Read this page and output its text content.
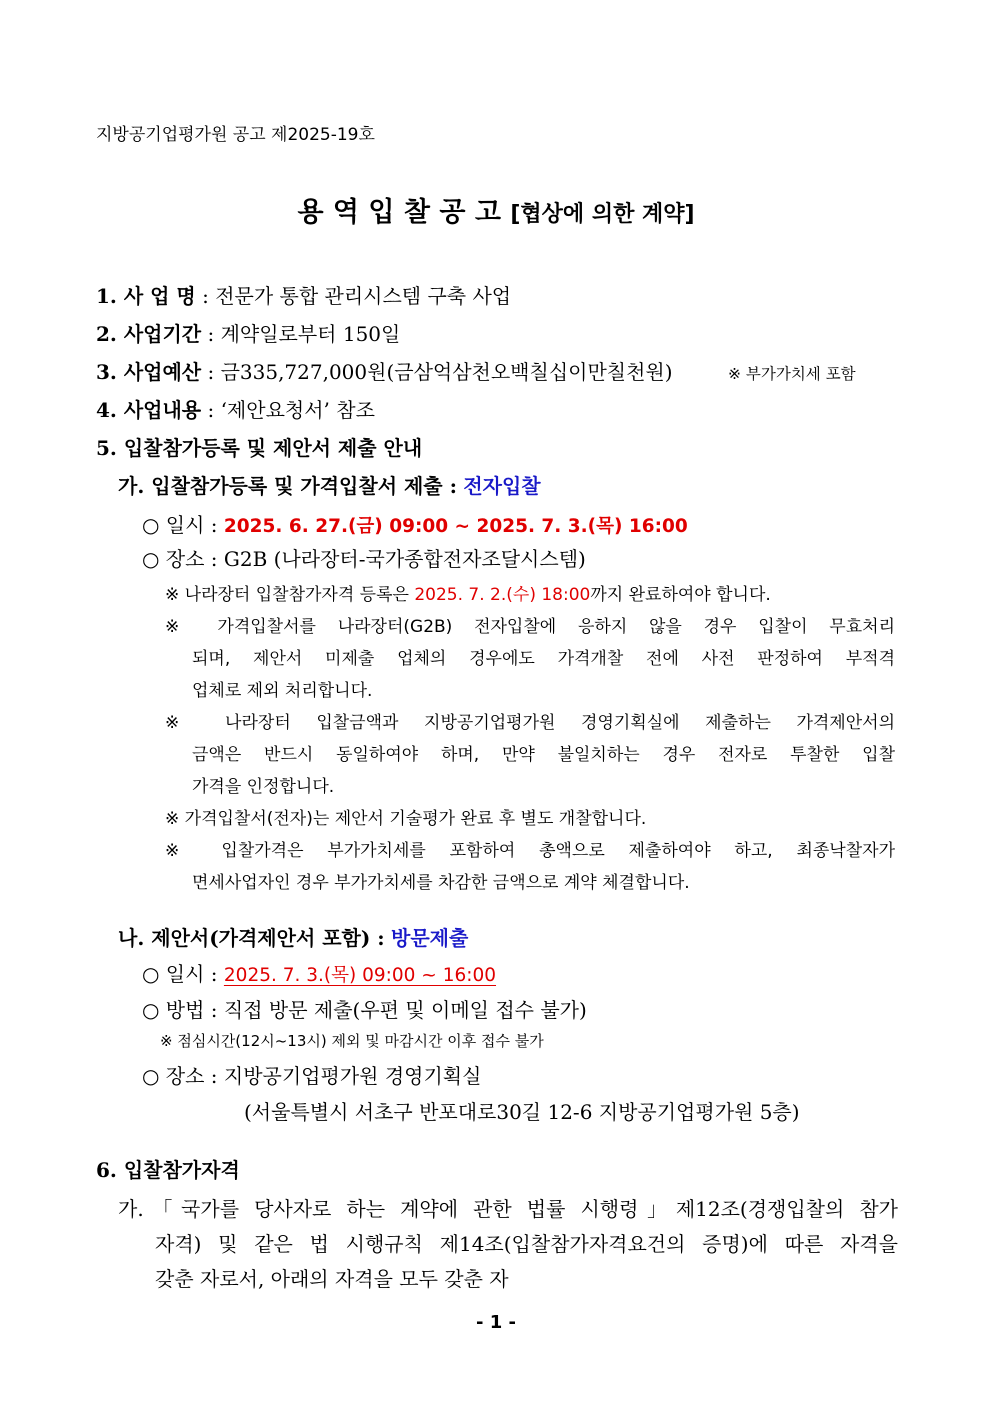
지방공기업평가원 공고 제2025-19호
용 역 입 찰 공 고 [협상에 의한 계약]
1. 사 업 명 : 전문가 통합 관리시스템 구축 사업
2. 사업기간 : 계약일로부터 150일
3. 사업예산 : 금335,727,000원(금삼억삼천오백칠십이만칠천원)	※ 부가가치세 포함
4. 사업내용 : ‘제안요청서’ 참조
5. 입찰참가등록 및 제안서 제출 안내
가. 입찰참가등록 및 가격입찰서 제출 : 전자입찰
○ 일시 : 2025. 6. 27.(금) 09:00 ~ 2025. 7. 3.(목) 16:00
○ 장소 : G2B (나라장터-국가종합전자조달시스템)
※ 나라장터 입찰참가자격 등록은 2025. 7. 2.(수) 18:00까지 완료하여야 합니다.
※ 가격입찰서를 나라장터(G2B) 전자입찰에 응하지 않을 경우 입찰이 무효처리
되며, 제안서 미제출 업체의 경우에도 가격개찰 전에 사전 판정하여 부적격
업체로 제외 처리합니다.
※ 나라장터 입찰금액과 지방공기업평가원 경영기획실에 제출하는 가격제안서의
금액은 반드시 동일하여야 하며, 만약 불일치하는 경우 전자로 투찰한 입찰
가격을 인정합니다.
※ 가격입찰서(전자)는 제안서 기술평가 완료 후 별도 개찰합니다.
※ 입찰가격은 부가가치세를 포함하여 총액으로 제출하여야 하고, 최종낙찰자가
면세사업자인 경우 부가가치세를 차감한 금액으로 계약 체결합니다.
나. 제안서(가격제안서 포함) : 방문제출
○ 일시 : 2025. 7. 3.(목) 09:00 ~ 16:00
○ 방법 : 직접 방문 제출(우편 및 이메일 접수 불가)
※ 점심시간(12시~13시) 제외 및 마감시간 이후 접수 불가
○ 장소 : 지방공기업평가원 경영기획실
(서울특별시 서초구 반포대로30길 12-6 지방공기업평가원 5층)
6. 입찰참가자격
가.「국가를 당사자로 하는 계약에 관한 법률 시행령」제12조(경쟁입찰의 참가
자격) 및 같은 법 시행규칙 제14조(입찰참가자격요건의 증명)에 따른 자격을
갖춘 자로서, 아래의 자격을 모두 갖춘 자
- 1 -
